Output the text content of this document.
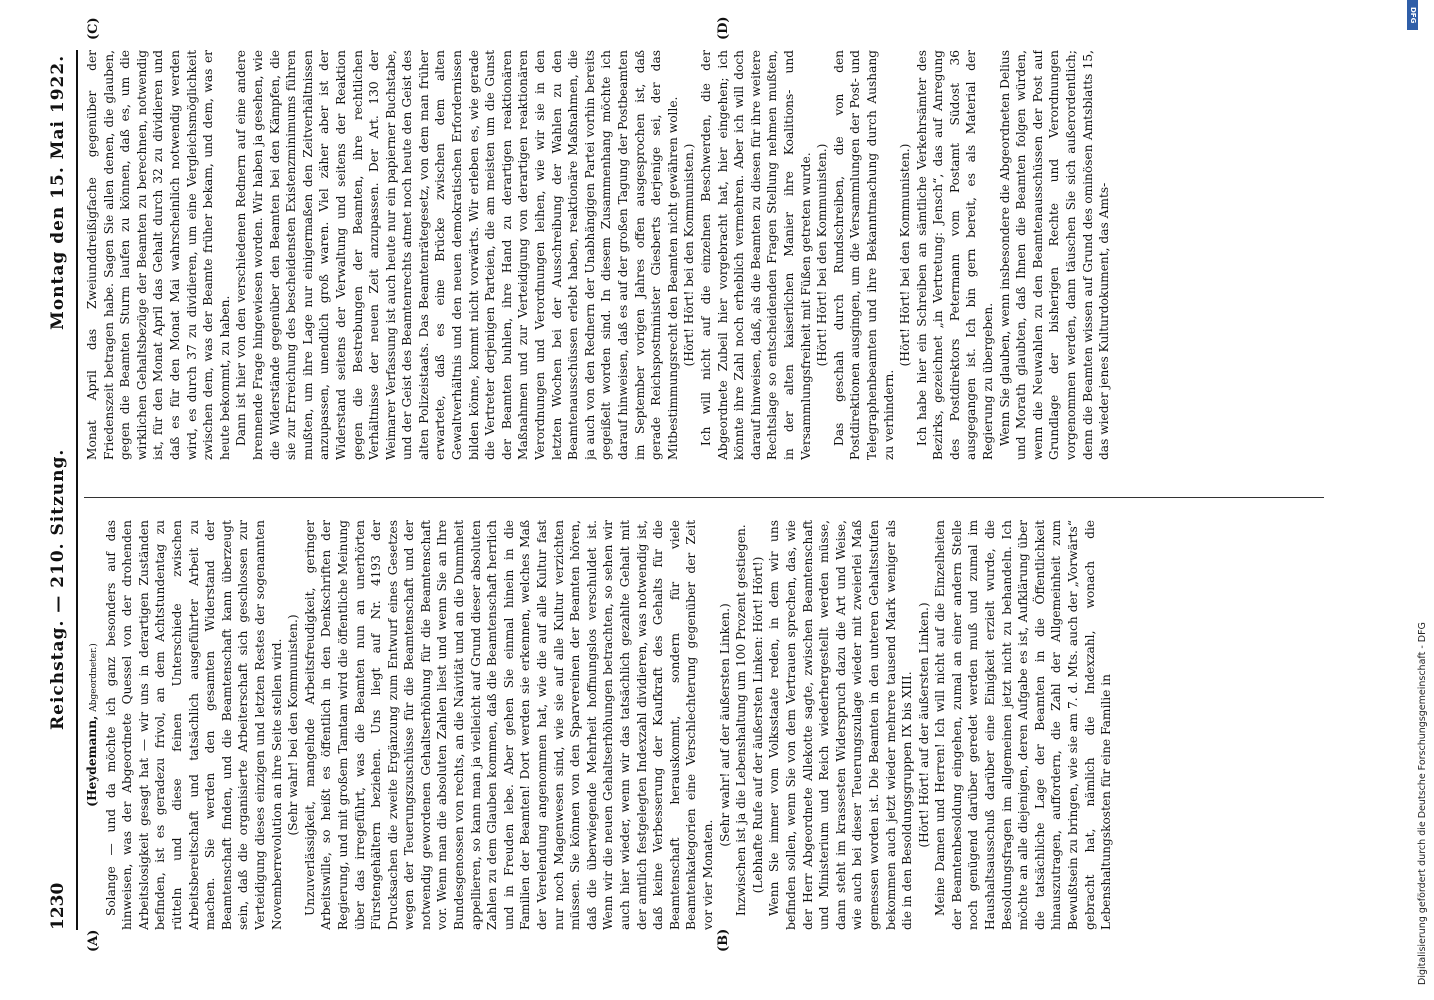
1230
Reichstag. — 210. Sitzung.
Montag den 15. Mai 1922.
(A)	(B)
(C)	(D)

(Heydemann, Abgeordneter.) Solange — und da möchte ich ganz besonders auf das hinweisen, was der Abgeordnete Quessel von der drohenden Arbeitslosigkeit gesagt hat — wir uns in derartigen Zuständen befinden, ist es geradezu frivol, an dem Achtstundentag zu rütteln und diese feinen Unterschiede zwischen Arbeitsbereitschaft und tatsächlich ausgeführter Arbeit zu machen. Sie werden den gesamten Widerstand der Beamtenschaft finden, und die Beamtenschaft kann überzeugt sein, daß die organisierte Arbeiterschaft sich geschlossen zur Verteidigung dieses einzigen und letzten Restes der sogenannten Novemberrevolution an ihre Seite stellen wird. (Sehr wahr! bei den Kommunisten.) Unzuverlässigkeit, mangelnde Arbeitsfreudigkeit, geringer Arbeitswille, so heißt es öffentlich in den Denkschriften der Regierung, und mit großem Tamtam wird die öffentliche Meinung über das irregeführt, was die Beamten nun an unerhörten Fürstengehältern beziehen. Uns liegt auf Nr. 4193 der Drucksachen die zweite Ergänzung zum Entwurf eines Gesetzes wegen der Teuerungszuschüsse für die Beamtenschaft und der notwendig gewordenen Gehaltserhöhung für die Beamtenschaft vor. Wenn man die absoluten Zahlen liest und wenn Sie an Ihre Bundesgenossen von rechts, an die Naivität und an die Dummheit appellieren, so kann man ja vielleicht auf Grund dieser absoluten Zahlen zu dem Glauben kommen, daß die Beamtenschaft herrlich und in Freuden lebe. Aber gehen Sie einmal hinein in die Familien der Beamten! Dort werden sie erkennen, welches Maß der Verelendung angenommen hat, wie die auf alle Kultur fast nur noch Magenwesen sind, wie sie auf alle Kultur verzichten müssen. Sie können von den Sparvereinen der Beamten hören, daß die überwiegende Mehrheit hoffnungslos verschuldet ist. Wenn wir die neuen Gehaltserhöhungen betrachten, so sehen wir auch hier wieder, wenn wir das tatsächlich gezahlte Gehalt mit der amtlich festgelegten Indexzahl dividieren, was notwendig ist, daß keine Verbesserung der Kaufkraft des Gehalts für die Beamtenschaft herauskommt, sondern für viele Beamtenkategorien eine Verschlechterung gegenüber der Zeit vor vier Monaten.

(Sehr wahr! auf der äußersten Linken.) Inzwischen ist ja die Lebenshaltung um 100 Prozent gestiegen. (Lebhafte Rufe auf der äußersten Linken: Hört! Hört!) Wenn Sie immer vom Volksstaate reden, in dem wir uns befinden sollen, wenn Sie von dem Vertrauen sprechen, das, wie der Herr Abgeordnete Allekotte sagte, zwischen Beamtenschaft und Ministerium und Reich wiederhergestellt werden müsse, dann steht im krassesten Widerspruch dazu die Art und Weise, wie auch bei dieser Teuerungszulage wieder mit zweierlei Maß gemessen worden ist. Die Beamten in den unteren Gehaltsstufen bekommen auch jetzt wieder mehrere tausend Mark weniger als die in den Besoldungsgruppen IX bis XIII. (Hört! Hört! auf der äußersten Linken.) Meine Damen und Herren! Ich will nicht auf die Einzelheiten der Beamtenbesoldung eingehen, zumal an einer andern Stelle noch genügend darüber geredet werden muß und zumal im Haushaltsausschuß darüber eine Einigkeit erzielt wurde, die Besoldungsfragen im allgemeinen jetzt nicht zu behandeln. Ich möchte an alle diejenigen, deren Aufgabe es ist, Aufklärung über die tatsächliche Lage der Beamten in die Öffentlichkeit hinauszutragen, auffordern, die Zahl der Allgemeinheit zum Bewußtsein zu bringen, wie sie am 7. d. Mts. auch der „Vorwärts“ gebracht hat, nämlich die Indexzahl, wonach die Lebenshaltungskosten für eine Familie in

Monat April das Zweiunddreißigfache gegenüber der Friedenszeit betragen habe. Sagen Sie allen denen, die glauben, gegen die Beamten Sturm laufen zu können, daß es, um die wirklichen Gehaltsbezüge der Beamten zu berechnen, notwendig ist, für den Monat April das Gehalt durch 32 zu dividieren und daß es für den Monat Mai wahrscheinlich notwendig werden wird, es durch 37 zu dividieren, um eine Vergleichsmöglichkeit zwischen dem, was der Beamte früher bekam, und dem, was er heute bekommt, zu haben. Dann ist hier von den verschiedenen Rednern auf eine andere brennende Frage hingewiesen worden. Wir haben ja gesehen, wie die Widerstände gegenüber den Beamten bei den Kämpfen, die sie zur Erreichung des bescheidensten Existenzminimums führen mußten, um ihre Lage nur einigermaßen den Zeitverhältnissen anzupassen, unendlich groß waren. Viel zäher aber ist der Widerstand seitens der Verwaltung und seitens der Reaktion gegen die Bestrebungen der Beamten, ihre rechtlichen Verhältnisse der neuen Zeit anzupassen. Der Art. 130 der Weimarer Verfassung ist auch heute nur ein papierner Buchstabe, und der Geist des Beamtenrechts atmet noch heute den Geist des alten Polizeistaats. Das Beamtenrätegesetz, von dem man früher erwartete, daß es eine Brücke zwischen dem alten Gewaltverhältnis und den neuen demokratischen Erfordernissen bilden könne, kommt nicht vorwärts. Wir erleben es, wie gerade die Vertreter derjenigen Parteien, die am meisten um die Gunst der Beamten buhlen, ihre Hand zu derartigen reaktionären Maßnahmen und zur Verteidigung von derartigen reaktionären Verordnungen und Verordnungen leihen, wie wir sie in den letzten Wochen bei der Ausschreibung der Wahlen zu den Beamtenausschüssen erlebt haben, reaktionäre Maßnahmen, die ja auch von den Rednern der Unabhängigen Partei vorhin bereits gegeißelt worden sind. In diesem Zusammenhang möchte ich darauf hinweisen, daß es auf der großen Tagung der Postbeamten im September vorigen Jahres offen ausgesprochen ist, daß gerade Reichspostminister Giesberts derjenige sei, der das Mitbestimmungsrecht den Beamten nicht gewähren wolle. (Hört! Hört! bei den Kommunisten.) Ich will nicht auf die einzelnen Beschwerden, die der Abgeordnete Zubeil hier vorgebracht hat, hier eingehen; ich könnte ihre Zahl noch erheblich vermehren. Aber ich will doch darauf hinweisen, daß, als die Beamten zu diesen für ihre weitere Rechtslage so entscheidenden Fragen Stellung nehmen mußten, in der alten kaiserlichen Manier ihre Koalitions- und Versammlungsfreiheit mit Füßen getreten wurde. (Hört! Hört! bei den Kommunisten.) Das geschah durch Rundschreiben, die von den Postdirektionen ausgingen, um die Versammlungen der Post- und Telegraphenbeamten und ihre Bekanntmachung durch Aushang zu verhindern.

(Hört! Hört! bei den Kommunisten.) Ich habe hier ein Schreiben an sämtliche Verkehrsämter des Bezirks, gezeichnet „in Vertretung: Jensch“, das auf Anregung des Postdirektors Petermann vom Postamt Südost 36 ausgegangen ist. Ich bin gern bereit, es als Material der Regierung zu übergeben. Wenn Sie glauben, wenn insbesondere die Abgeordneten Delius und Morath glaubten, daß Ihnen die Beamten folgen würden, wenn die Neuwahlen zu den Beamtenausschüssen der Post auf Grundlage der bisherigen Rechte und Verordnungen vorgenommen werden, dann täuschen Sie sich außerordentlich; denn die Beamten wissen auf Grund des ominösen Amtsblatts 15, das wieder jenes Kulturdokument, das Amts-

DFG
Digitalisierung gefördert durch die Deutsche Forschungsgemeinschaft - DFG
